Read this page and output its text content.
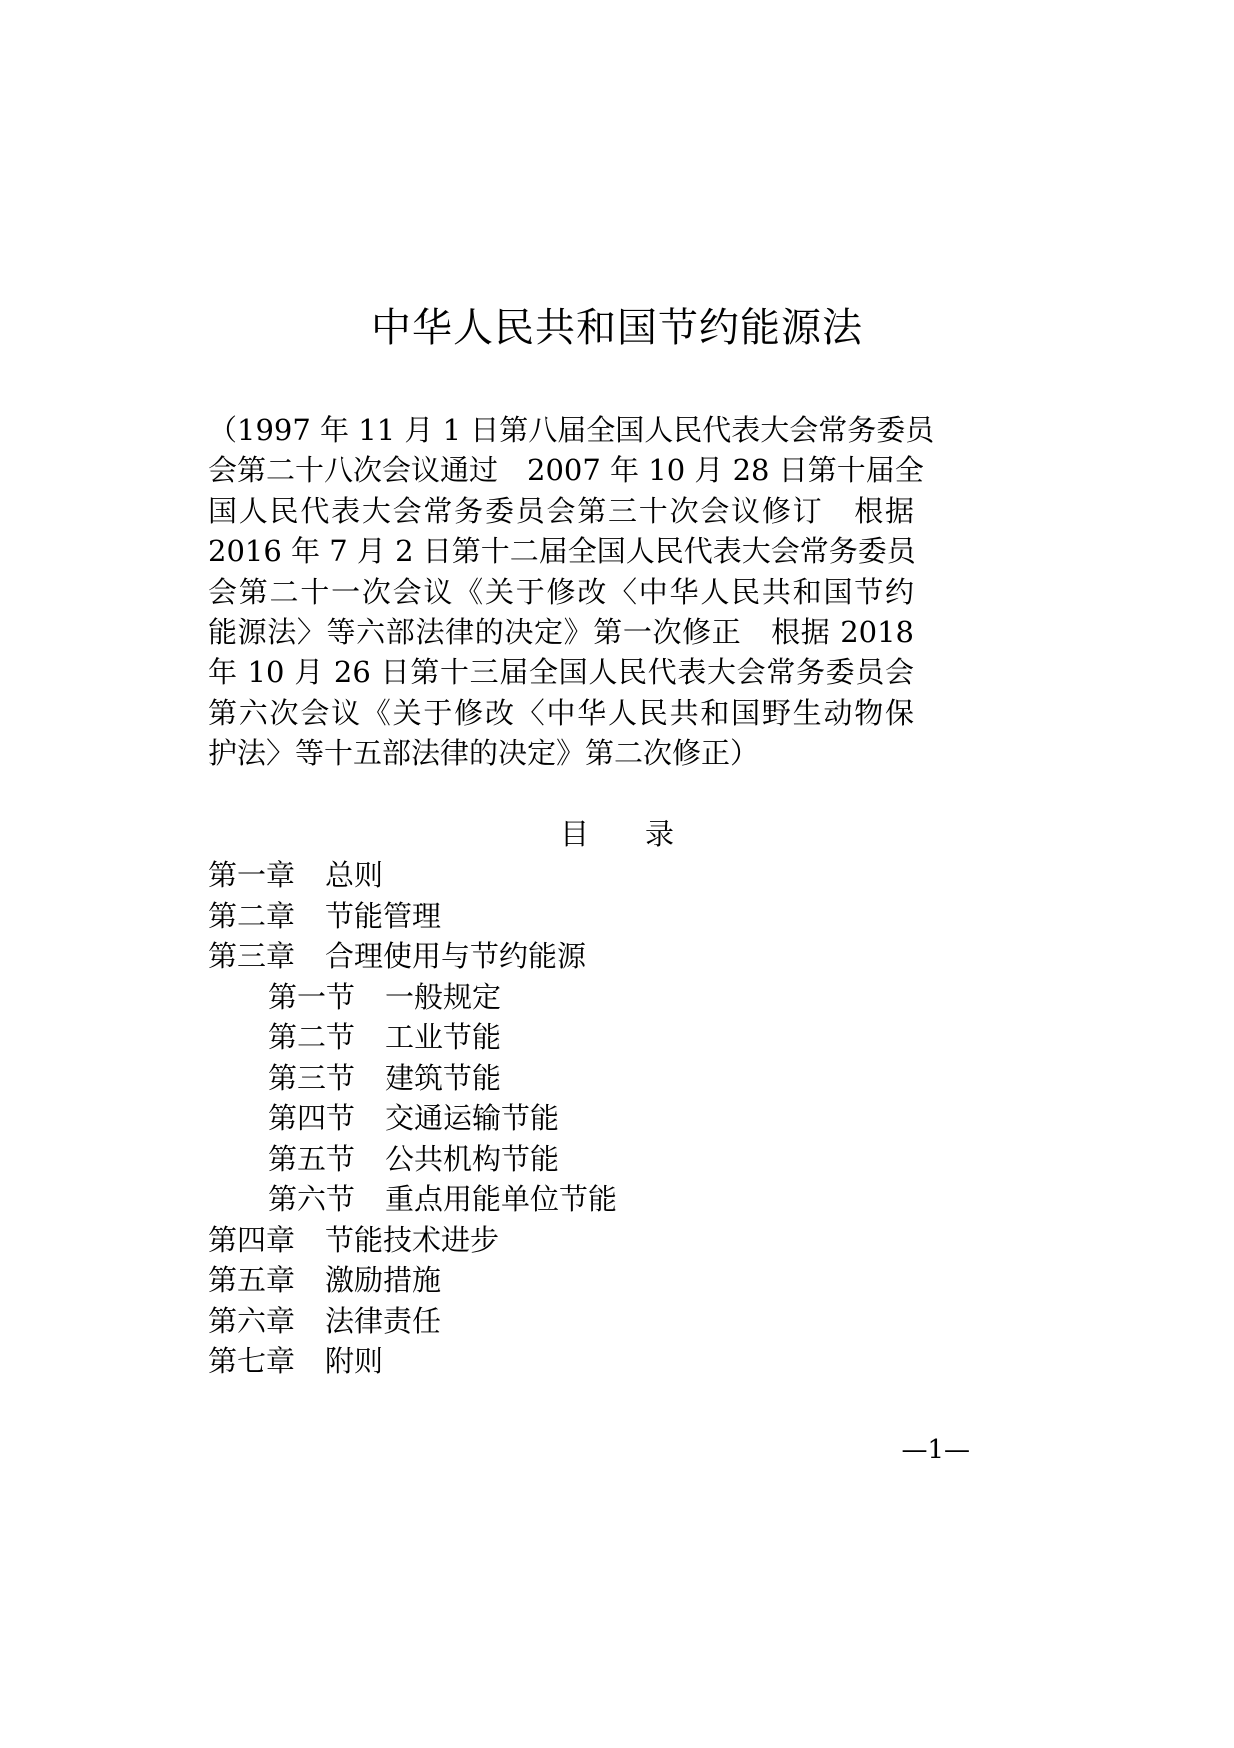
中华人民共和国节约能源法
（1997 年 11 月 1 日第八届全国人民代表大会常务委员
会第二十八次会议通过　2007 年 10 月 28 日第十届全
国人民代表大会常务委员会第三十次会议修订　根据
2016 年 7 月 2 日第十二届全国人民代表大会常务委员
会第二十一次会议《关于修改〈中华人民共和国节约
能源法〉等六部法律的决定》第一次修正　根据 2018
年 10 月 26 日第十三届全国人民代表大会常务委员会
第六次会议《关于修改〈中华人民共和国野生动物保
护法〉等十五部法律的决定》第二次修正）
目 录
第一章 总则
第二章 节能管理
第三章 合理使用与节约能源
第一节 一般规定
第二节 工业节能
第三节 建筑节能
第四节 交通运输节能
第五节 公共机构节能
第六节 重点用能单位节能
第四章 节能技术进步
第五章 激励措施
第六章 法律责任
第七章 附则
—1—
